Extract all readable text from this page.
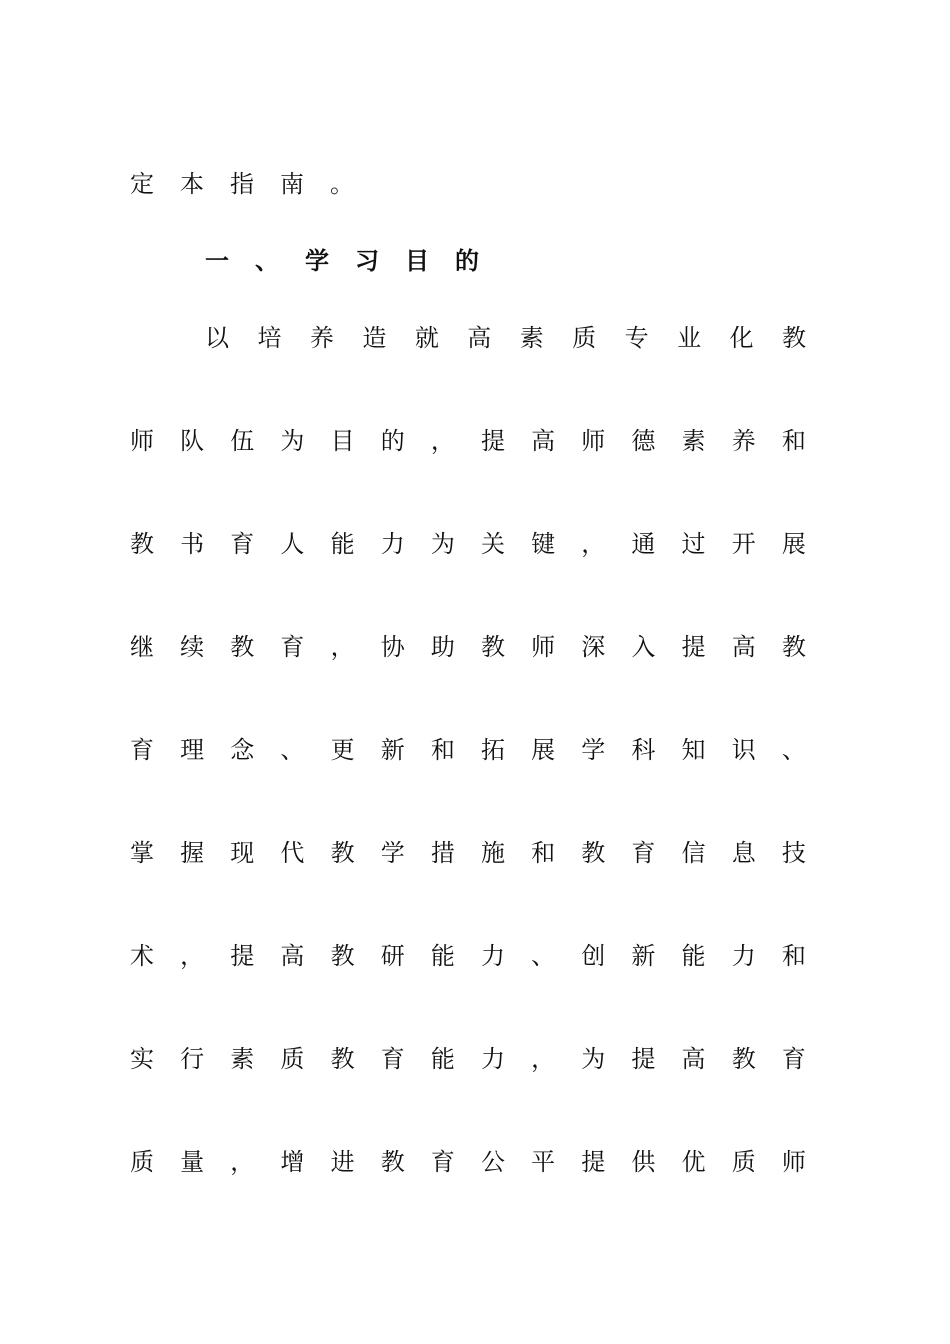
定 本 指 南 。
一 、 学 习 目 的
以 培 养 造 就 高 素 质 专 业 化 教
师 队 伍 为 目 的 ， 提 高 师 德 素 养 和
教 书 育 人 能 力 为 关 键 ， 通 过 开 展
继 续 教 育 ， 协 助 教 师 深 入 提 高 教
育 理 念 、 更 新 和 拓 展 学 科 知 识 、
掌 握 现 代 教 学 措 施 和 教 育 信 息 技
术 ， 提 高 教 研 能 力 、 创 新 能 力 和
实 行 素 质 教 育 能 力 ， 为 提 高 教 育
质 量 ， 增 进 教 育 公 平 提 供 优 质 师
